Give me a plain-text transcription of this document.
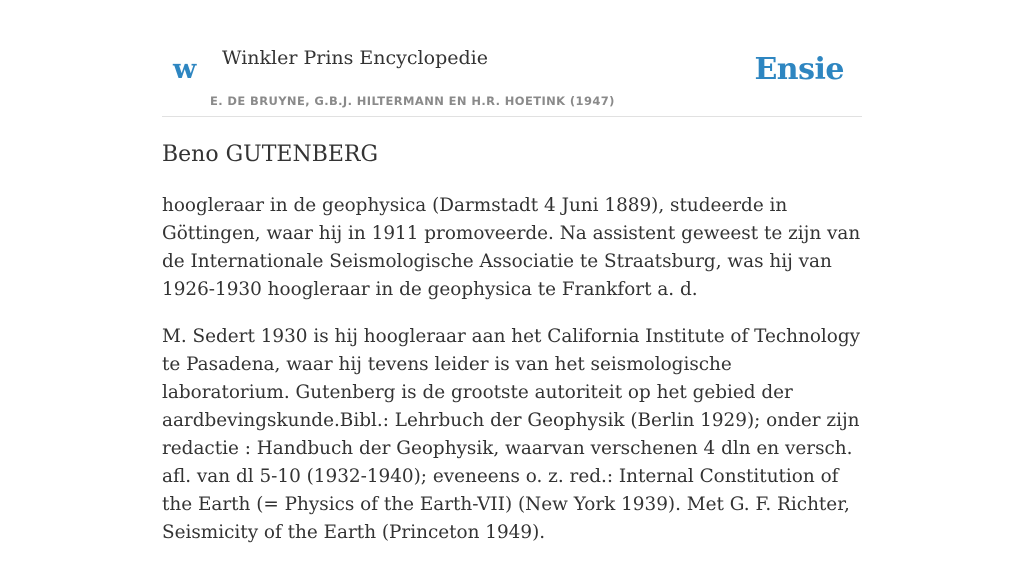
w Winkler Prins Encyclopedie
E. DE BRUYNE, G.B.J. HILTERMANN EN H.R. HOETINK (1947)
Ensie
Beno GUTENBERG

hoogleraar in de geophysica (Darmstadt 4 Juni 1889), studeerde in Göttingen, waar hij in 1911 promoveerde. Na assistent geweest te zijn van de Internationale Seismologische Associatie te Straatsburg, was hij van 1926-1930 hoogleraar in de geophysica te Frankfort a. d.

M. Sedert 1930 is hij hoogleraar aan het California Institute of Technology te Pasadena, waar hij tevens leider is van het seismologische laboratorium. Gutenberg is de grootste autoriteit op het gebied der aardbevingskunde.Bibl.: Lehrbuch der Geophysik (Berlin 1929); onder zijn redactie : Handbuch der Geophysik, waarvan verschenen 4 dln en versch. afl. van dl 5-10 (1932-1940); eveneens o. z. red.: Internal Constitution of the Earth (= Physics of the Earth-VII) (New York 1939). Met G. F. Richter, Seismicity of the Earth (Princeton 1949).
